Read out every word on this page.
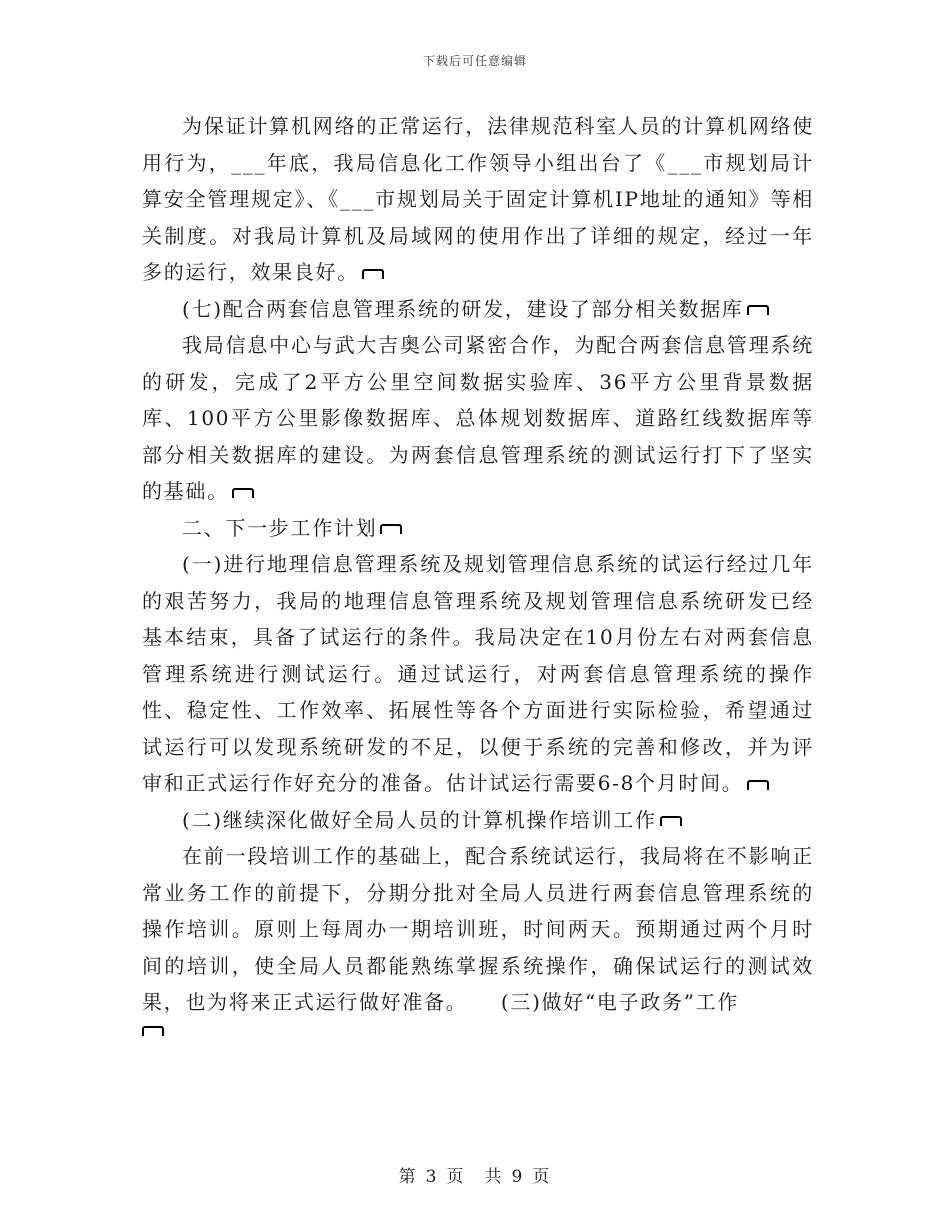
下载后可任意编辑

为保证计算机网络的正常运行，法律规范科室人员的计算机网络使用行为，___年底，我局信息化工作领导小组出台了《___市规划局计算安全管理规定》、《___市规划局关于固定计算机IP地址的通知》等相关制度。对我局计算机及局域网的使用作出了详细的规定，经过一年多的运行，效果良好。

(七)配合两套信息管理系统的研发，建设了部分相关数据库

我局信息中心与武大吉奥公司紧密合作，为配合两套信息管理系统的研发，完成了2平方公里空间数据实验库、36平方公里背景数据库、100平方公里影像数据库、总体规划数据库、道路红线数据库等部分相关数据库的建设。为两套信息管理系统的测试运行打下了坚实的基础。

二、下一步工作计划

(一)进行地理信息管理系统及规划管理信息系统的试运行经过几年的艰苦努力，我局的地理信息管理系统及规划管理信息系统研发已经基本结束，具备了试运行的条件。我局决定在10月份左右对两套信息管理系统进行测试运行。通过试运行，对两套信息管理系统的操作性、稳定性、工作效率、拓展性等各个方面进行实际检验，希望通过试运行可以发现系统研发的不足，以便于系统的完善和修改，并为评审和正式运行作好充分的准备。估计试运行需要6-8个月时间。

(二)继续深化做好全局人员的计算机操作培训工作

在前一段培训工作的基础上，配合系统试运行，我局将在不影响正常业务工作的前提下，分期分批对全局人员进行两套信息管理系统的操作培训。原则上每周办一期培训班，时间两天。预期通过两个月时间的培训，使全局人员都能熟练掌握系统操作，确保试运行的测试效果，也为将来正式运行做好准备。　　(三)做好“电子政务”工作

第 3 页　共 9 页
